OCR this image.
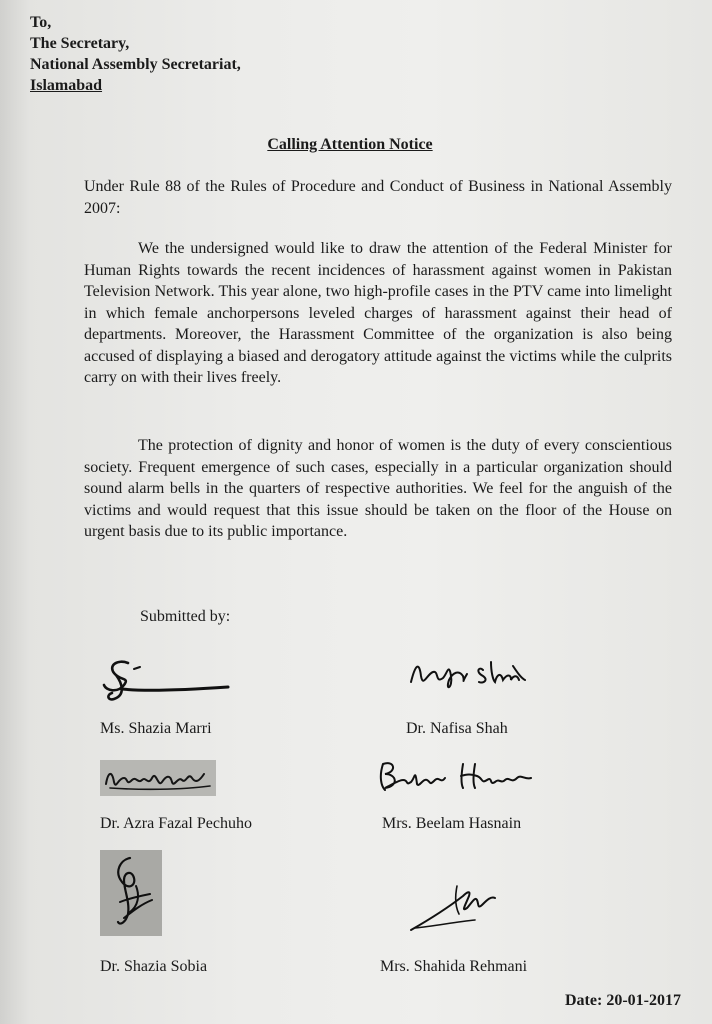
To,
The Secretary,
National Assembly Secretariat,
Islamabad
Calling Attention Notice
Under Rule 88 of the Rules of Procedure and Conduct of Business in National Assembly 2007:
We the undersigned would like to draw the attention of the Federal Minister for Human Rights towards the recent incidences of harassment against women in Pakistan Television Network. This year alone, two high-profile cases in the PTV came into limelight in which female anchorpersons leveled charges of harassment against their head of departments. Moreover, the Harassment Committee of the organization is also being accused of displaying a biased and derogatory attitude against the victims while the culprits carry on with their lives freely.
The protection of dignity and honor of women is the duty of every conscientious society. Frequent emergence of such cases, especially in a particular organization should sound alarm bells in the quarters of respective authorities. We feel for the anguish of the victims and would request that this issue should be taken on the floor of the House on urgent basis due to its public importance.
Submitted by:
Ms. Shazia Marri	Dr. Nafisa Shah
Dr. Azra Fazal Pechuho	Mrs. Beelam Hasnain
Dr. Shazia Sobia	Mrs. Shahida Rehmani
Date: 20-01-2017
